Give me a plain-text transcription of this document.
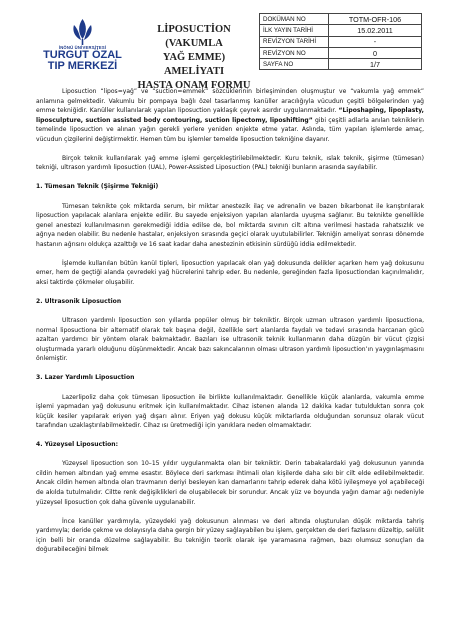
İNÖNÜ ÜNİVERSİTESİ
TURGUT ÖZAL
TIP MERKEZİ
LİPOSUCTİON (VAKUMLA
YAĞ EMME) AMELİYATI
HASTA ONAM FORMU
DOKÜMAN NO	TOTM-OFR-106
İLK YAYIN TARİHİ	15.02.2011
REVİZYON TARİHİ	-
REVİZYON NO	0
SAYFA NO	1/7

Liposuction “lipos=yağ” ve “suction=emmek” sözcüklerinin birleşiminden oluşmuştur ve “vakumla yağ emmek” anlamına gelmektedir. Vakumlu bir pompaya bağlı özel tasarlanmış kanüller aracılığıyla vücudun çeşitli bölgelerinden yağ emme tekniğidir. Kanüller kullanılarak yapılan liposuction yaklaşık çeyrek asırdır uygulanmaktadır. “Liposhaping, lipoplasty, liposculpture, suction assisted body contouring, suction lipectomy, liposhifting” gibi çeşitli adlarla anılan tekniklerin temelinde liposuction ve alınan yağın gerekli yerlere yeniden enjekte etme yatar. Aslında, tüm yapılan işlemlerde amaç, vücudun çizgilerini değiştirmektir. Hemen tüm bu işlemler temelde liposuction tekniğine dayanır.

Birçok teknik kullanılarak yağ emme işlemi gerçekleştirilebilmektedir. Kuru teknik, ıslak teknik, şişirme (tümesan) tekniği, ultrason yardımlı liposuction (UAL), Power-Assisted Liposuction (PAL) tekniği bunların arasında sayılabilir.

1. Tümesan Teknik (Şişirme Tekniği)

Tümesan teknikte çok miktarda serum, bir miktar anestezik ilaç ve adrenalin ve bazen bikarbonat ile karıştırılarak liposuction yapılacak alanlara enjekte edilir. Bu sayede enjeksiyon yapılan alanlarda uyuşma sağlanır. Bu teknikte genellikle genel anestezi kullanılmasının gerekmediği iddia edilse de, bol miktarda sıvının cilt altına verilmesi hastada rahatsızlık ve ağrıya neden olabilir. Bu nedenle hastalar, enjeksiyon sırasında geçici olarak uyutulabilirler. Tekniğin ameliyat sonrası dönemde hastanın ağrısını oldukça azalttığı ve 16 saat kadar daha anestezinin etkisinin sürdüğü iddia edilmektedir.

İşlemde kullanılan bütün kanül tipleri, liposuction yapılacak olan yağ dokusunda delikler açarken hem yağ dokusunu emer, hem de geçtiği alanda çevredeki yağ hücrelerini tahrip eder. Bu nedenle, gereğinden fazla liposuctiondan kaçınılmalıdır, aksi taktirde çökmeler oluşabilir.

2. Ultrasonik Liposuction

Ultrason yardımlı liposuction son yıllarda popüler olmuş bir tekniktir. Birçok uzman ultrason yardımlı liposuctiona, normal liposuctiona bir alternatif olarak tek başına değil, özellikle sert alanlarda faydalı ve tedavi sırasında harcanan gücü azaltan yardımcı bir yöntem olarak bakmaktadır. Bazıları ise ultrasonik teknik kullanmanın daha düzgün bir vücut çizgisi oluşturmada yararlı olduğunu düşünmektedir. Ancak bazı sakıncalarının olması ultrason yardımlı liposuction’ın yaygınlaşmasını önlemiştir.

3. Lazer Yardımlı Liposuction

Lazerlipoliz daha çok tümesan liposuction ile birlikte kullanılmaktadır. Genellikle küçük alanlarda, vakumla emme işlemi yapmadan yağ dokusunu eritmek için kullanılmaktadır. Cihaz istenen alanda 12 dakika kadar tutulduktan sonra çok küçük kesiler yapılarak eriyen yağ dışarı alınır. Eriyen yağ dokusu küçük miktarlarda olduğundan sorunsuz olarak vücut tarafından uzaklaştırılabilmektedir. Cihaz ısı üretmediği için yanıklara neden olmamaktadır.

4. Yüzeysel Liposuction:

Yüzeysel liposuction son 10–15 yıldır uygulanmakta olan bir tekniktir. Derin tabakalardaki yağ dokusunun yanında cildin hemen altından yağ emme esastır. Böylece deri sarkması ihtimali olan kişilerde daha sıkı bir cilt elde edilebilmektedir. Ancak cildin hemen altında olan travmanın deriyi besleyen kan damarlarını tahrip ederek daha kötü iyileşmeye yol açabileceği de akılda tutulmalıdır. Ciltte renk değişiklikleri de oluşabilecek bir sorundur. Ancak yüz ve boyunda yağın damar ağı nedeniyle yüzeysel liposuction çok daha güvenle uygulanabilir.

İnce kanüller yardımıyla, yüzeydeki yağ dokusunun alınması ve deri altında oluşturulan düşük miktarda tahriş yardımıyla; deride çekme ve dolayısıyla daha gergin bir yüzey sağlayabilen bu işlem, gerçekten de deri fazlasını düzeltip, selülit için belli bir oranda düzelme sağlayabilir. Bu tekniğin teorik olarak işe yaramasına rağmen, bazı olumsuz sonuçları da doğurabileceğini bilmek
